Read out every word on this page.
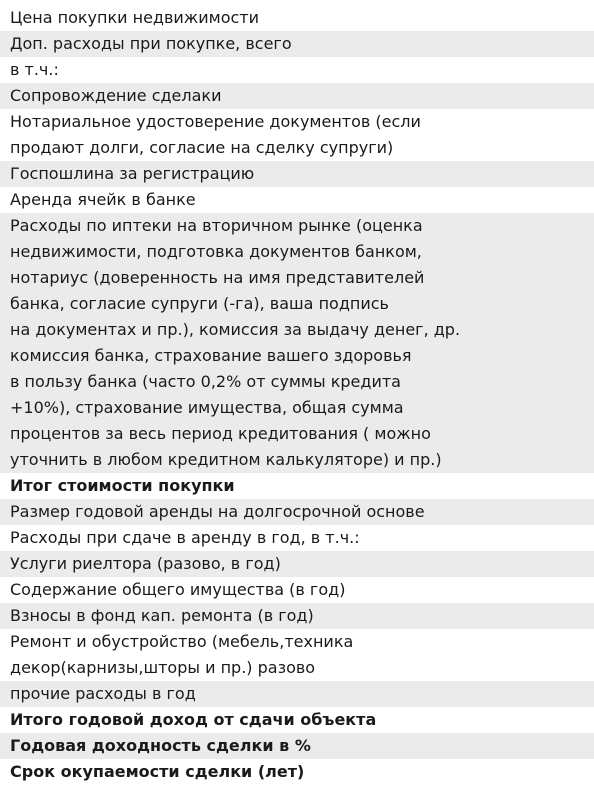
Цена покупки недвижимости
Доп. расходы при покупке, всего
в т.ч.:
Сопровождение сделаки
Нотариальное удостоверение документов (если
продают долги, согласие на сделку супруги)
Госпошлина за регистрацию
Аренда ячейк в банке
Расходы по иптеки на вторичном рынке (оценка
недвижимости, подготовка документов банком,
нотариус (доверенность на имя представителей
банка, согласие супруги (-га), ваша подпись
на документах и пр.), комиссия за выдачу денег, др.
комиссия банка, страхование вашего здоровья
в пользу банка (часто 0,2% от суммы кредита
+10%), страхование имущества, общая сумма
процентов за весь период кредитования ( можно
уточнить в любом кредитном калькуляторе) и пр.)
Итог стоимости покупки
Размер годовой аренды на долгосрочной основе
Расходы при сдаче в аренду в год, в т.ч.:
Услуги риелтора (разово, в год)
Содержание общего имущества (в год)
Взносы в фонд кап. ремонта (в год)
Ремонт и обустройство (мебель,техника
декор(карнизы,шторы и пр.) разово
прочие расходы в год
Итого годовой доход от сдачи объекта
Годовая доходность сделки в %
Срок окупаемости сделки (лет)
